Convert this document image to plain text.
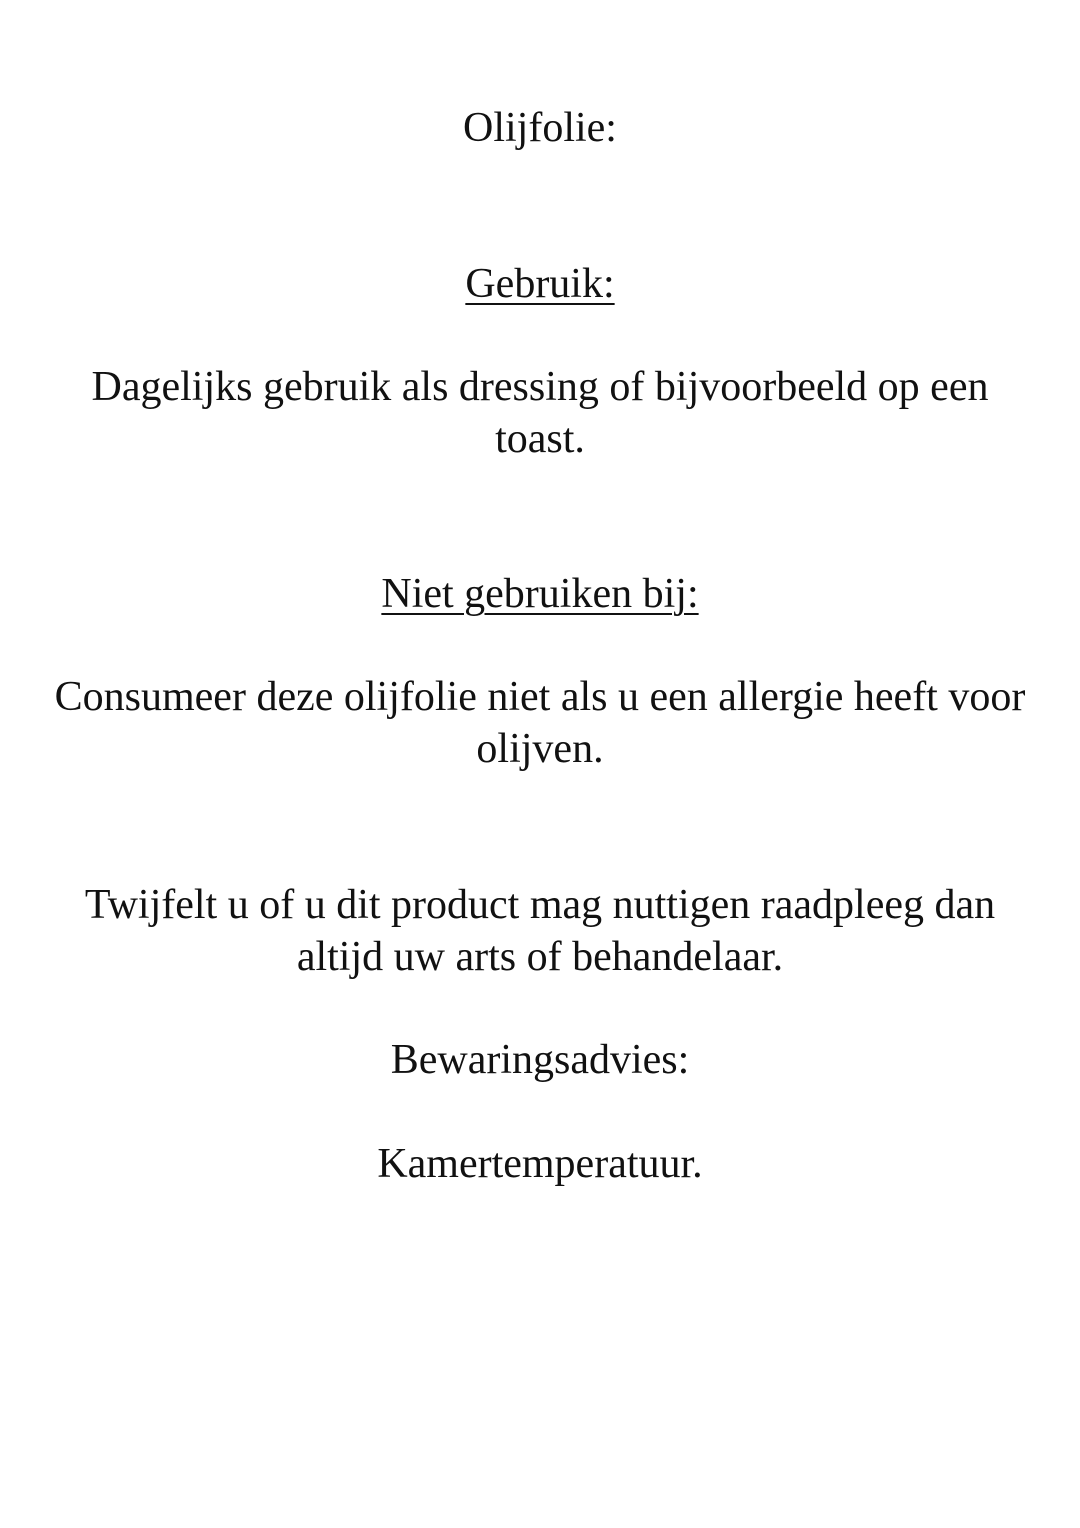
Olijfolie:
Gebruik:
Dagelijks gebruik als dressing of bijvoorbeeld op een
toast.
Niet gebruiken bij:
Consumeer deze olijfolie niet als u een allergie heeft voor
olijven.
Twijfelt u of u dit product mag nuttigen raadpleeg dan
altijd uw arts of behandelaar.
Bewaringsadvies:
Kamertemperatuur.
